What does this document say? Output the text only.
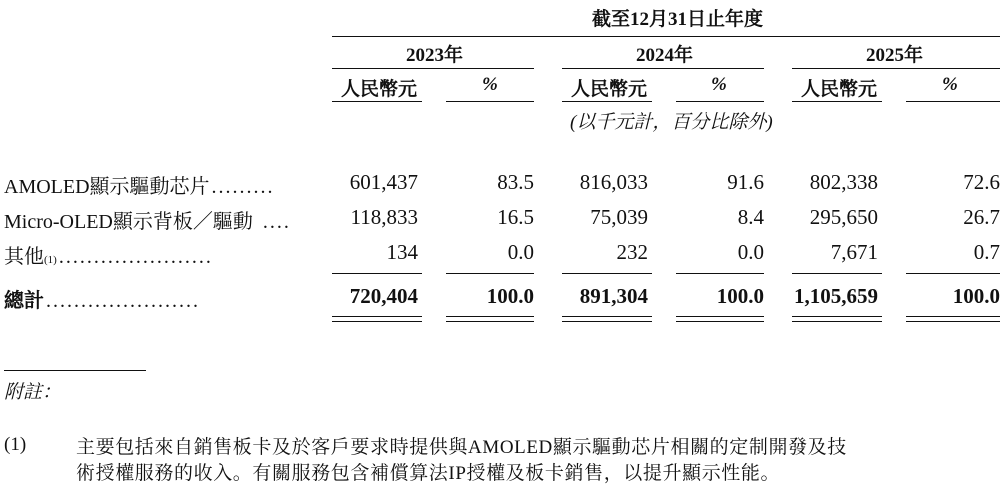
截至12月31日止年度
2023年	2024年	2025年
人民幣元	%	人民幣元	%	人民幣元	%
(以千元計，百分比除外)
AMOLED顯示驅動芯片 .........	601,437	83.5 816,033	91.6 802,338	72.6
Micro-OLED顯示背板／驅動 ....	118,833	16.5	75,039	8.4 295,650	26.7
其他 (1) ......................	134	0.0	232	0.0	7,671	0.7
總計 ......................	720,404	100.0 891,304	100.0 1,105,659	100.0
附註：
(1)	主要包括來自銷售板卡及於客戶要求時提供與AMOLED顯示驅動芯片相關的定制開發及技
術授權服務的收入。有關服務包含補償算法IP授權及板卡銷售，以提升顯示性能。
